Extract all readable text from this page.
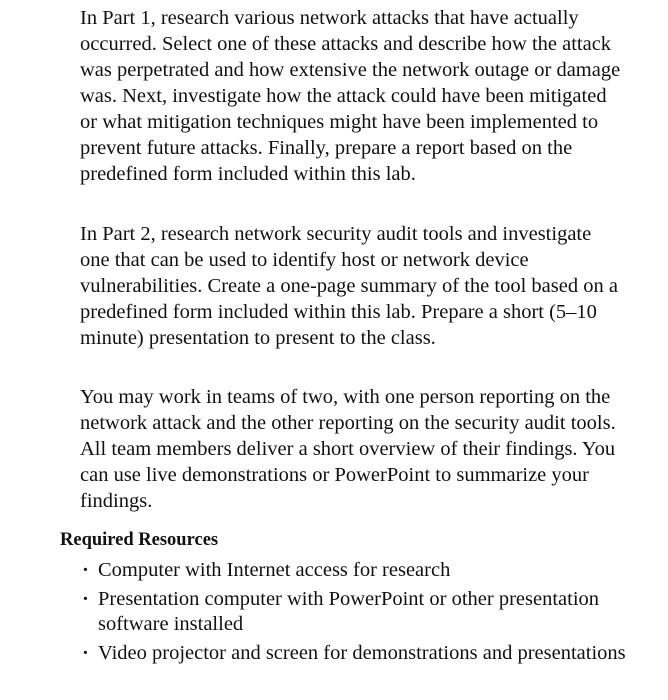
In Part 1, research various network attacks that have actually occurred. Select one of these attacks and describe how the attack was perpetrated and how extensive the network outage or damage was. Next, investigate how the attack could have been mitigated or what mitigation techniques might have been implemented to prevent future attacks. Finally, prepare a report based on the predefined form included within this lab.

In Part 2, research network security audit tools and investigate one that can be used to identify host or network device vulnerabilities. Create a one-page summary of the tool based on a predefined form included within this lab. Prepare a short (5–10 minute) presentation to present to the class.

You may work in teams of two, with one person reporting on the network attack and the other reporting on the security audit tools. All team members deliver a short overview of their findings. You can use live demonstrations or PowerPoint to summarize your findings.

Required Resources
· Computer with Internet access for research
· Presentation computer with PowerPoint or other presentation software installed
· Video projector and screen for demonstrations and presentations
